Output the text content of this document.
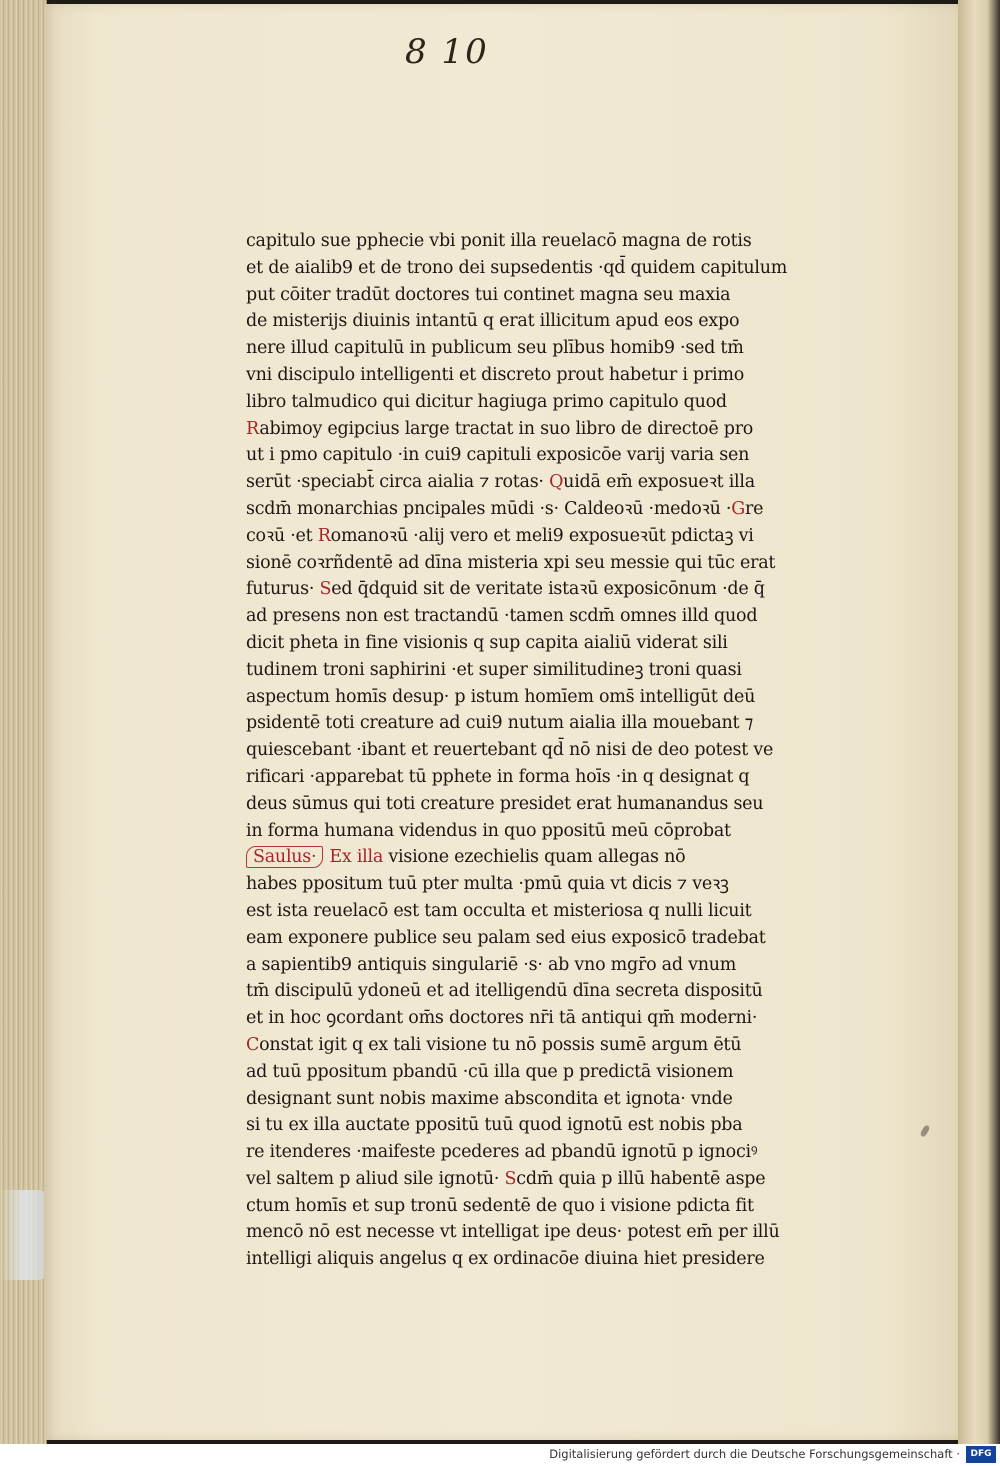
8 10
capitulo sue pphecie vbi ponit illa reuelacō magna de rotis
et de aialib9 et de trono dei supsedentis ·qd̄ quidem capitulum
put cōiter tradūt doctores tui continet magna seu maxia
de misterijs diuinis intantū q erat illicitum apud eos expo
nere illud capitulū in publicum seu plībus homib9 ·sed tm̄
vni discipulo intelligenti et discreto prout habetur i primo
libro talmudico qui dicitur hagiuga primo capitulo quod
Rabimoy egipcius large tractat in suo libro de directoē pro
ut i pmo capitulo ·in cui9 capituli exposicōe varij varia sen
serūt ·speciabt̄ circa aialia ⁊ rotas· Quidā em̄ exposueꝛt illa
scdm̄ monarchias pncipales mūdi ·s· Caldeoꝛū ·medoꝛū ·Gre
coꝛū ·et Romanoꝛū ·alij vero et meli9 exposueꝛūt pdictaꝫ vi
sionē coꝛrñdentē ad dīna misteria xpi seu messie qui tūc erat
futurus· Sed q̄dquid sit de veritate istaꝛū exposicōnum ·de q̄
ad presens non est tractandū ·tamen scdm̄ omnes illd quod
dicit pheta in fine visionis q sup capita aialiū viderat sili
tudinem troni saphirini ·et super similitudineꝫ troni quasi
aspectum homīs desup· p istum homīem oms̄ intelligūt deū
psidentē toti creature ad cui9 nutum aialia illa mouebant ⁊
quiescebant ·ibant et reuertebant qd̄ nō nisi de deo potest ve
rificari ·apparebat tū pphete in forma hoīs ·in q designat q
deus sūmus qui toti creature presidet erat humanandus seu
in forma humana videndus in quo ppositū meū cōprobat
Saulus· Ex illa visione ezechielis quam allegas nō
habes ppositum tuū pter multa ·pmū quia vt dicis ⁊ veꝛꝫ
est ista reuelacō est tam occulta et misteriosa q nulli licuit
eam exponere publice seu palam sed eius exposicō tradebat
a sapientib9 antiquis singulariē ·s· ab vno mgr̄o ad vnum
tm̄ discipulū ydoneū et ad itelligendū dīna secreta dispositū
et in hoc ꝯcordant om̄s doctores nr̄i tā antiqui qm̄ moderni·
Constat igit q ex tali visione tu nō possis sumē argum ētū
ad tuū ppositum pbandū ·cū illa que p predictā visionem
designant sunt nobis maxime abscondita et ignota· vnde
si tu ex illa auctate ppositū tuū quod ignotū est nobis pba
re itenderes ·maifeste pcederes ad pbandū ignotū p ignociꝰ
vel saltem p aliud sile ignotū· Scdm̄ quia p illū habentē aspe
ctum homīs et sup tronū sedentē de quo i visione pdicta fit
mencō nō est necesse vt intelligat ipe deus· potest em̄ per illū
intelligi aliquis angelus q ex ordinacōe diuina hiet presidere
Digitalisierung gefördert durch die Deutsche Forschungsgemeinschaft ·	DFG
